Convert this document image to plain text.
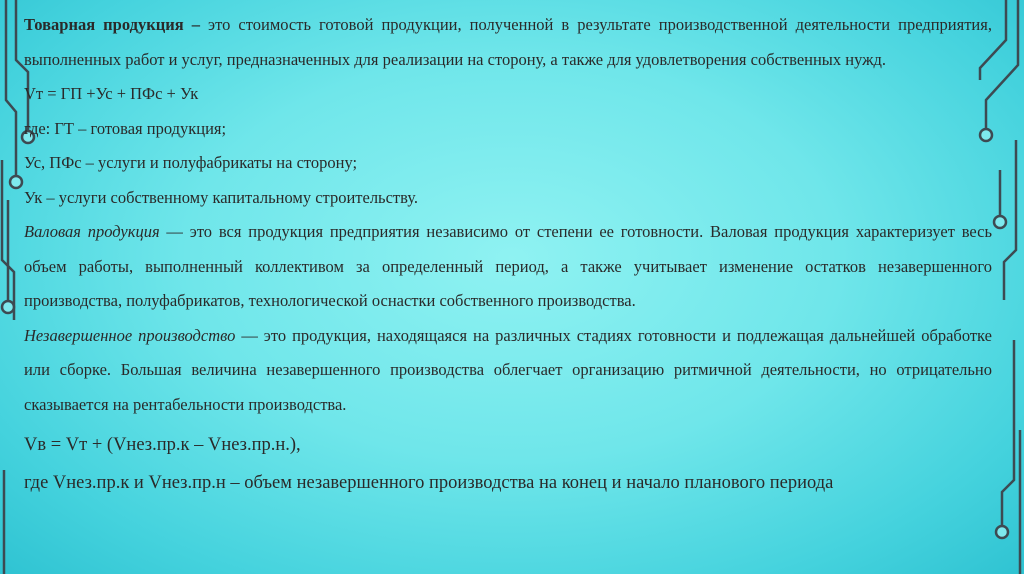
Товарная продукция – это стоимость готовой продукции, полученной в результате производственной деятельности предприятия, выполненных работ и услуг, предназначенных для реализации на сторону, а также для удовлетворения собственных нужд.

Vт = ГП +Ус + ПФс + Ук

где: ГТ – готовая продукция;

Ус, ПФс – услуги и полуфабрикаты на сторону;

Ук – услуги собственному капитальному строительству.

Валовая продукция — это вся продукция предприятия независимо от степени ее готовности. Валовая продукция характеризует весь объем работы, выполненный коллективом за определенный период, а также учитывает изменение остатков незавершенного производства, полуфабрикатов, технологической оснастки собственного производства.

Незавершенное производство — это продукция, находящаяся на различных стадиях готовности и подлежащая дальнейшей обработке или сборке. Большая величина незавершенного производства облегчает организацию ритмичной деятельности, но отрицательно сказывается на рентабельности производства.

Vв = Vт + (Vнез.пр.к – Vнез.пр.н.),

где Vнез.пр.к и Vнез.пр.н – объем незавершенного производства на конец и начало планового периода
